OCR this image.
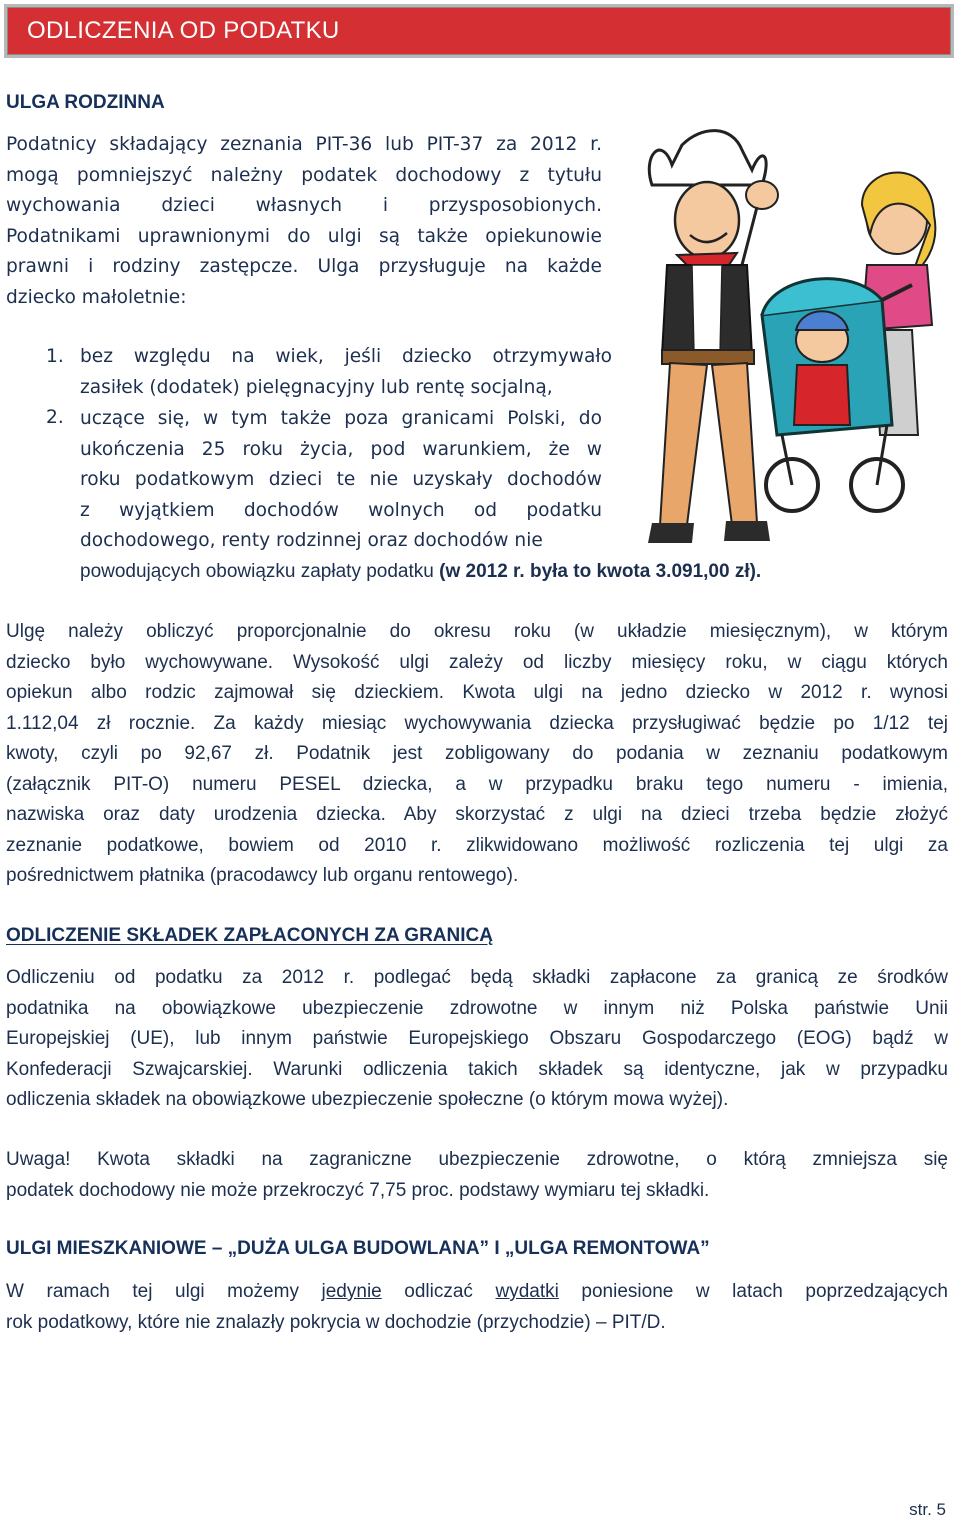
ODLICZENIA OD PODATKU
ULGA RODZINNA
Podatnicy składający zeznania PIT-36 lub PIT-37 za 2012 r.
mogą pomniejszyć należny podatek dochodowy z tytułu
wychowania dzieci własnych i przysposobionych.
Podatnikami uprawnionymi do ulgi są także opiekunowie
prawni i rodziny zastępcze. Ulga przysługuje na każde
dziecko małoletnie:
1. bez względu na wiek, jeśli dziecko otrzymywało
zasiłek (dodatek) pielęgnacyjny lub rentę socjalną,
2. uczące się, w tym także poza granicami Polski, do
ukończenia 25 roku życia, pod warunkiem, że w
roku podatkowym dzieci te nie uzyskały dochodów
z wyjątkiem dochodów wolnych od podatku
dochodowego, renty rodzinnej oraz dochodów nie
powodujących obowiązku zapłaty podatku (w 2012 r. była to kwota 3.091,00 zł).
Ulgę należy obliczyć proporcjonalnie do okresu roku (w układzie miesięcznym), w którym
dziecko było wychowywane. Wysokość ulgi zależy od liczby miesięcy roku, w ciągu których
opiekun albo rodzic zajmował się dzieckiem. Kwota ulgi na jedno dziecko w 2012 r. wynosi
1.112,04 zł rocznie. Za każdy miesiąc wychowywania dziecka przysługiwać będzie po 1/12 tej
kwoty, czyli po 92,67 zł. Podatnik jest zobligowany do podania w zeznaniu podatkowym
(załącznik PIT-O) numeru PESEL dziecka, a w przypadku braku tego numeru - imienia,
nazwiska oraz daty urodzenia dziecka. Aby skorzystać z ulgi na dzieci trzeba będzie złożyć
zeznanie podatkowe, bowiem od 2010 r. zlikwidowano możliwość rozliczenia tej ulgi za
pośrednictwem płatnika (pracodawcy lub organu rentowego).
ODLICZENIE SKŁADEK ZAPŁACONYCH ZA GRANICĄ
Odliczeniu od podatku za 2012 r. podlegać będą składki zapłacone za granicą ze środków
podatnika na obowiązkowe ubezpieczenie zdrowotne w innym niż Polska państwie Unii
Europejskiej (UE), lub innym państwie Europejskiego Obszaru Gospodarczego (EOG) bądź w
Konfederacji Szwajcarskiej. Warunki odliczenia takich składek są identyczne, jak w przypadku
odliczenia składek na obowiązkowe ubezpieczenie społeczne (o którym mowa wyżej).
Uwaga! Kwota składki na zagraniczne ubezpieczenie zdrowotne, o którą zmniejsza się
podatek dochodowy nie może przekroczyć 7,75 proc. podstawy wymiaru tej składki.
ULGI MIESZKANIOWE – „DUŻA ULGA BUDOWLANA” I „ULGA REMONTOWA”
W ramach tej ulgi możemy jedynie odliczać wydatki poniesione w latach poprzedzających
rok podatkowy, które nie znalazły pokrycia w dochodzie (przychodzie) – PIT/D.
str. 5
